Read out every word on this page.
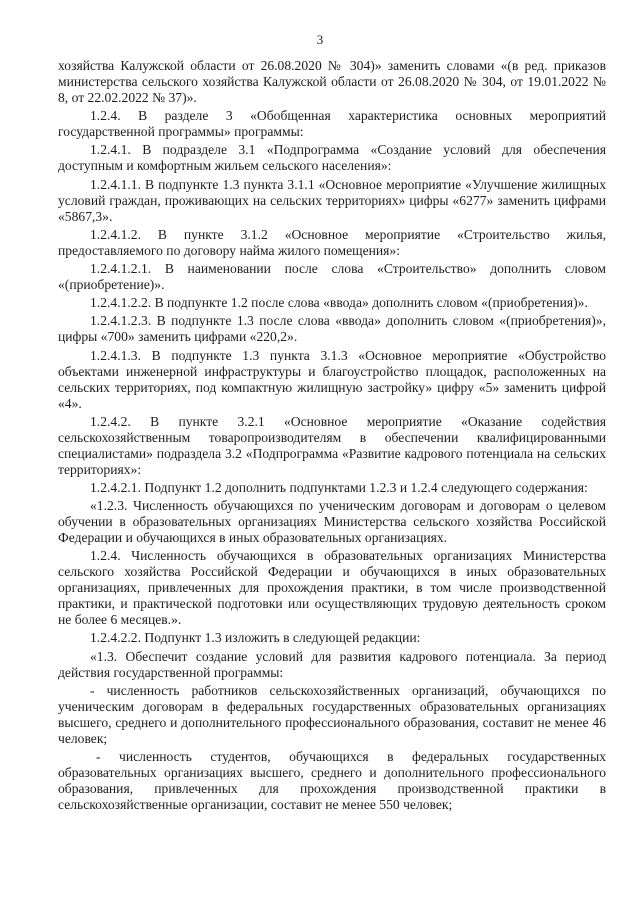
3

хозяйства Калужской области от 26.08.2020 № 304)» заменить словами «(в ред. приказов министерства сельского хозяйства Калужской области от 26.08.2020 № 304, от 19.01.2022 № 8, от 22.02.2022 № 37)».

1.2.4. В разделе 3 «Обобщенная характеристика основных мероприятий государственной программы» программы:

1.2.4.1. В подразделе 3.1 «Подпрограмма «Создание условий для обеспечения доступным и комфортным жильем сельского населения»:

1.2.4.1.1. В подпункте 1.3 пункта 3.1.1 «Основное мероприятие «Улучшение жилищных условий граждан, проживающих на сельских территориях» цифры «6277» заменить цифрами «5867,3».

1.2.4.1.2. В пункте 3.1.2 «Основное мероприятие «Строительство жилья, предоставляемого по договору найма жилого помещения»:

1.2.4.1.2.1. В наименовании после слова «Строительство» дополнить словом «(приобретение)».

1.2.4.1.2.2. В подпункте 1.2 после слова «ввода» дополнить словом «(приобретения)».

1.2.4.1.2.3. В подпункте 1.3 после слова «ввода» дополнить словом «(приобретения)», цифры «700» заменить цифрами «220,2».

1.2.4.1.3. В подпункте 1.3 пункта 3.1.3 «Основное мероприятие «Обустройство объектами инженерной инфраструктуры и благоустройство площадок, расположенных на сельских территориях, под компактную жилищную застройку» цифру «5» заменить цифрой «4».

1.2.4.2. В пункте 3.2.1 «Основное мероприятие «Оказание содействия сельскохозяйственным товаропроизводителям в обеспечении квалифицированными специалистами» подраздела 3.2 «Подпрограмма «Развитие кадрового потенциала на сельских территориях»:

1.2.4.2.1. Подпункт 1.2 дополнить подпунктами 1.2.3 и 1.2.4 следующего содержания:

«1.2.3. Численность обучающихся по ученическим договорам и договорам о целевом обучении в образовательных организациях Министерства сельского хозяйства Российской Федерации и обучающихся в иных образовательных организациях.

1.2.4. Численность обучающихся в образовательных организациях Министерства сельского хозяйства Российской Федерации и обучающихся в иных образовательных организациях, привлеченных для прохождения практики, в том числе производственной практики, и практической подготовки или осуществляющих трудовую деятельность сроком не более 6 месяцев.».

1.2.4.2.2. Подпункт 1.3 изложить в следующей редакции:

«1.3. Обеспечит создание условий для развития кадрового потенциала. За период действия государственной программы:

- численность работников сельскохозяйственных организаций, обучающихся по ученическим договорам в федеральных государственных образовательных организациях высшего, среднего и дополнительного профессионального образования, составит не менее 46 человек;

- численность студентов, обучающихся в федеральных государственных образовательных организациях высшего, среднего и дополнительного профессионального образования, привлеченных для прохождения производственной практики в сельскохозяйственные организации, составит не менее 550 человек;
